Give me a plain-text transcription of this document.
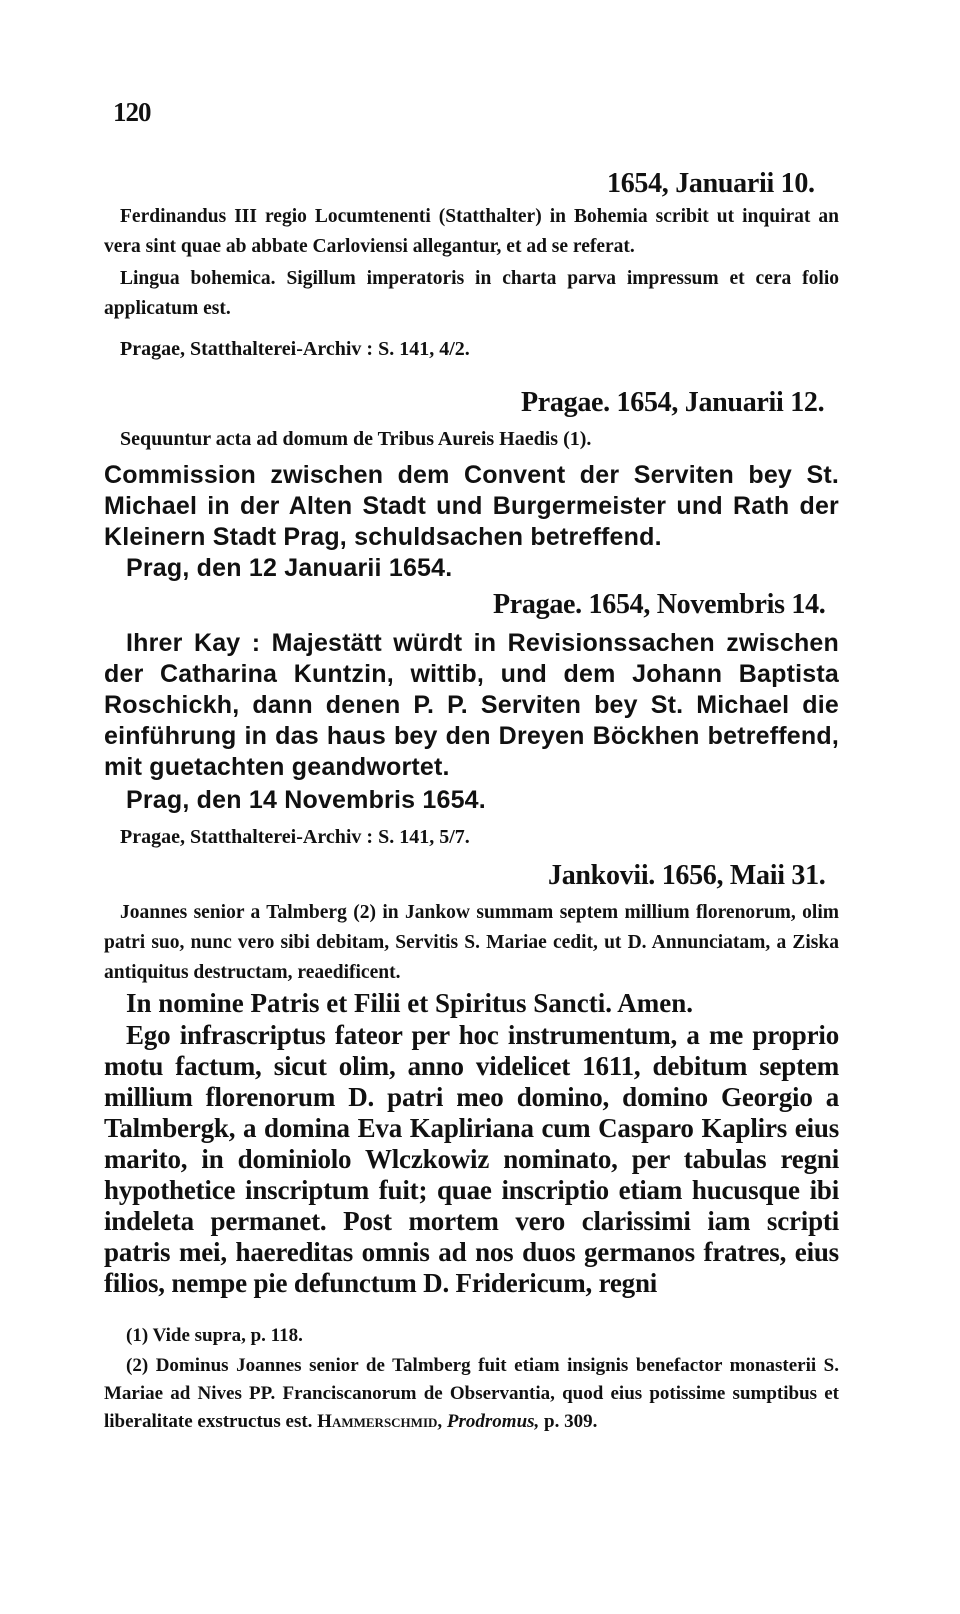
120
1654, Januarii 10.

Ferdinandus III regio Locumtenenti (Statthalter) in Bohemia scribit ut inquirat an vera sint quae ab abbate Carloviensi allegantur, et ad se referat.

Lingua bohemica. Sigillum imperatoris in charta parva impressum et cera folio applicatum est.

Pragae, Statthalterei-Archiv : S. 141, 4/2.

Pragae. 1654, Januarii 12.

Sequuntur acta ad domum de Tribus Aureis Haedis (1).

Commission zwischen dem Convent der Serviten bey St. Michael in der Alten Stadt und Burgermeister und Rath der Kleinern Stadt Prag, schuldsachen betreffend.

Prag, den 12 Januarii 1654.

Pragae. 1654, Novembris 14.

Ihrer Kay : Majestätt würdt in Revisionssachen zwischen der Catharina Kuntzin, wittib, und dem Johann Baptista Roschickh, dann denen P. P. Serviten bey St. Michael die einführung in das haus bey den Dreyen Böckhen betreffend, mit guetachten geandwortet.

Prag, den 14 Novembris 1654.

Pragae, Statthalterei-Archiv : S. 141, 5/7.

Jankovii. 1656, Maii 31.

Joannes senior a Talmberg (2) in Jankow summam septem millium florenorum, olim patri suo, nunc vero sibi debitam, Servitis S. Mariae cedit, ut D. Annunciatam, a Ziska antiquitus destructam, reaedificent.

In nomine Patris et Filii et Spiritus Sancti. Amen.

Ego infrascriptus fateor per hoc instrumentum, a me proprio motu factum, sicut olim, anno videlicet 1611, debitum septem millium florenorum D. patri meo domino, domino Georgio a Talmbergk, a domina Eva Kapliriana cum Casparo Kaplirs eius marito, in dominiolo Wlczkowiz nominato, per tabulas regni hypothetice inscriptum fuit; quae inscriptio etiam hucusque ibi indeleta permanet. Post mortem vero clarissimi iam scripti patris mei, haereditas omnis ad nos duos germanos fratres, eius filios, nempe pie defunctum D. Fridericum, regni

(1) Vide supra, p. 118.

(2) Dominus Joannes senior de Talmberg fuit etiam insignis benefactor monasterii S. Mariae ad Nives PP. Franciscanorum de Observantia, quod eius potissime sumptibus et liberalitate exstructus est. Hammerschmid, Prodromus, p. 309.
